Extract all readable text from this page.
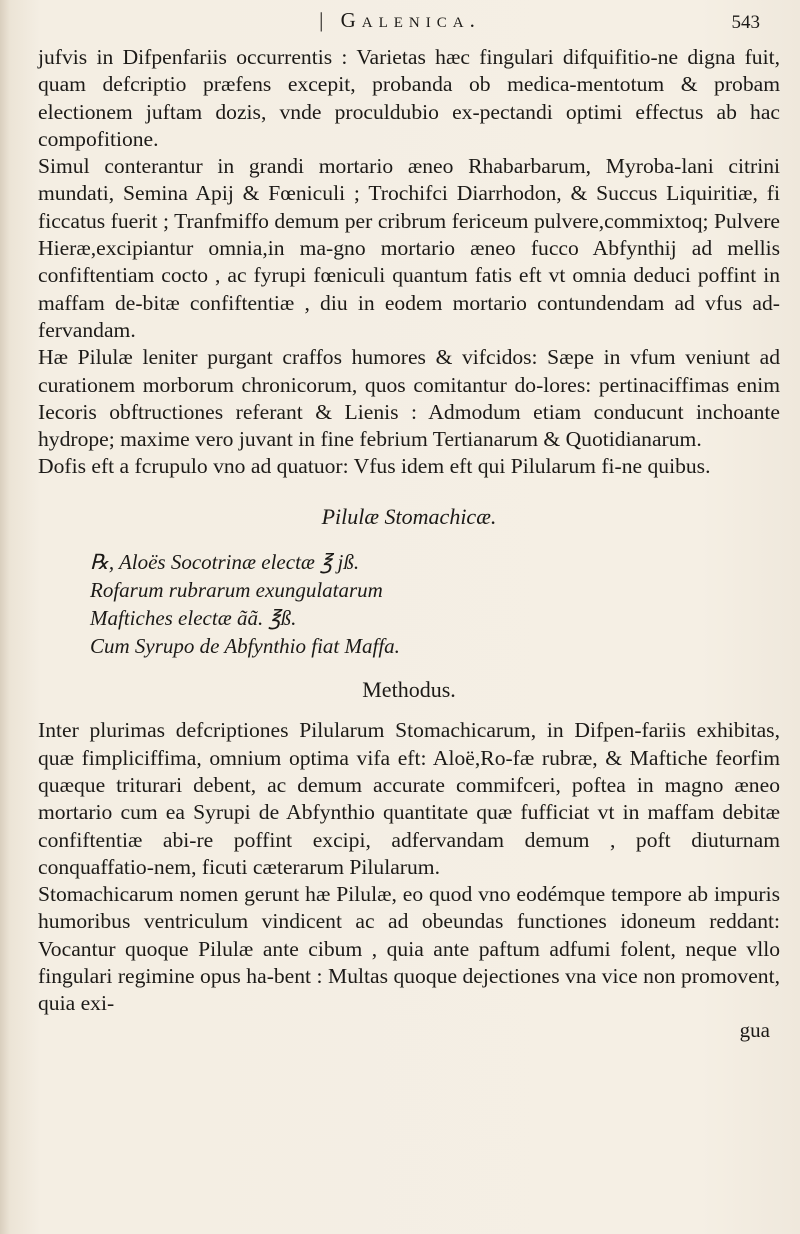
| Galenica.	543

jufvis in Difpenfariis occurrentis : Varietas hæc fingulari difquifitio-ne digna fuit, quam defcriptio præfens excepit, probanda ob medica-mentotum & probam electionem juftam dozis, vnde proculdubio ex-pectandi optimi effectus ab hac compofitione.

Simul conterantur in grandi mortario æneo Rhabarbarum, Myroba-lani citrini mundati, Semina Apij & Fœniculi ; Trochifci Diarrhodon, & Succus Liquiritiæ, fi ficcatus fuerit ; Tranfmiffo demum per cribrum fericeum pulvere,commixtoq; Pulvere Hieræ,excipiantur omnia,in ma-gno mortario æneo fucco Abfynthij ad mellis confiftentiam cocto , ac fyrupi fœniculi quantum fatis eft vt omnia deduci poffint in maffam de-bitæ confiftentiæ , diu in eodem mortario contundendam ad vfus ad-fervandam.

Hæ Pilulæ leniter purgant craffos humores & vifcidos: Sæpe in vfum veniunt ad curationem morborum chronicorum, quos comitantur do-lores: pertinaciffimas enim Iecoris obftructiones referant & Lienis : Admodum etiam conducunt inchoante hydrope; maxime vero juvant in fine febrium Tertianarum & Quotidianarum.

Dofis eft a fcrupulo vno ad quatuor: Vfus idem eft qui Pilularum fi-ne quibus.

Pilulæ Stomachicæ.
℞, Aloës Socotrinæ electæ ℥ jß.
Rofarum rubrarum exungulatarum
Maftiches electæ ãã. ℥ß.
Cum Syrupo de Abfynthio fiat Maffa.
Methodus.

Inter plurimas defcriptiones Pilularum Stomachicarum, in Difpen-fariis exhibitas, quæ fimpliciffima, omnium optima vifa eft: Aloë,Ro-fæ rubræ, & Maftiche feorfim quæque triturari debent, ac demum accurate commifceri, poftea in magno æneo mortario cum ea Syrupi de Abfynthio quantitate quæ fufficiat vt in maffam debitæ confiftentiæ abi-re poffint excipi, adfervandam demum , poft diuturnam conquaffatio-nem, ficuti cæterarum Pilularum.

Stomachicarum nomen gerunt hæ Pilulæ, eo quod vno eodémque tempore ab impuris humoribus ventriculum vindicent ac ad obeundas functiones idoneum reddant: Vocantur quoque Pilulæ ante cibum , quia ante paftum adfumi folent, neque vllo fingulari regimine opus ha-bent : Multas quoque dejectiones vna vice non promovent, quia exi-

gua
